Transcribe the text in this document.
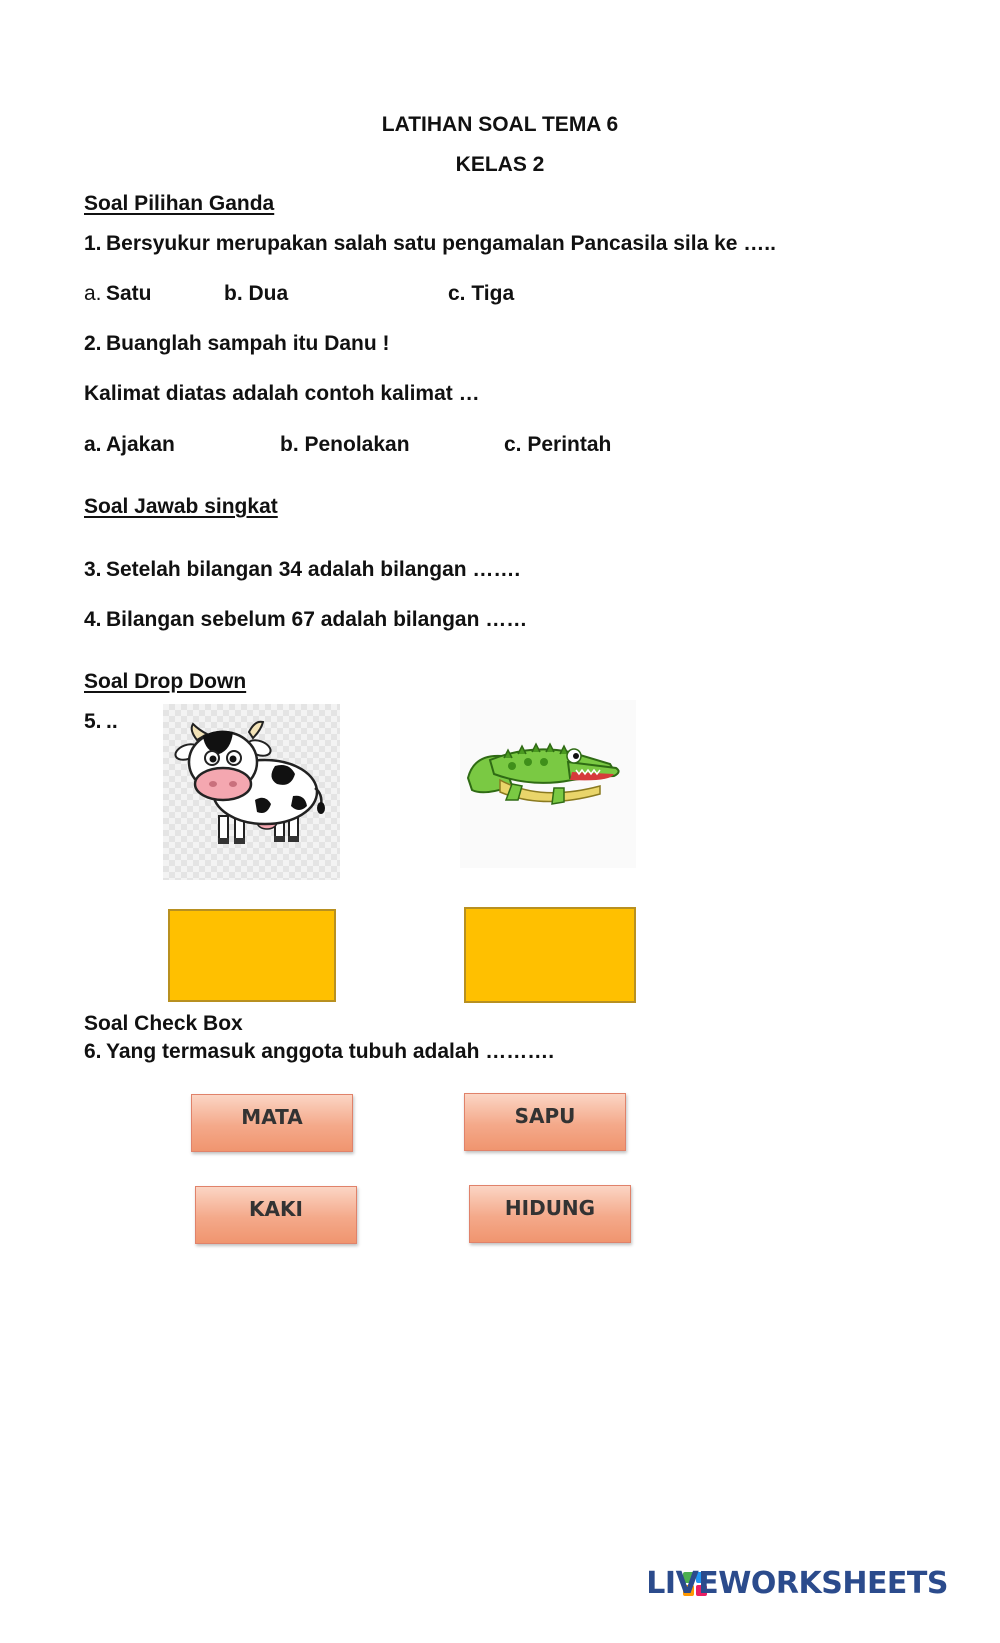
LATIHAN SOAL TEMA 6
KELAS 2
Soal Pilihan Ganda
1. Bersyukur merupakan salah satu pengamalan Pancasila sila ke …..
a. Satu	b. Dua	c. Tiga
2. Buanglah sampah itu Danu !
Kalimat diatas adalah contoh kalimat …
a. Ajakan	b. Penolakan	c. Perintah
Soal Jawab singkat
3. Setelah bilangan 34 adalah bilangan …….
4. Bilangan sebelum 67 adalah bilangan ……
Soal Drop Down
5. ..
Soal Check Box
6. Yang termasuk anggota tubuh adalah ……….
MATA	SAPU
KAKI	HIDUNG
LIVEWORKSHEETS
